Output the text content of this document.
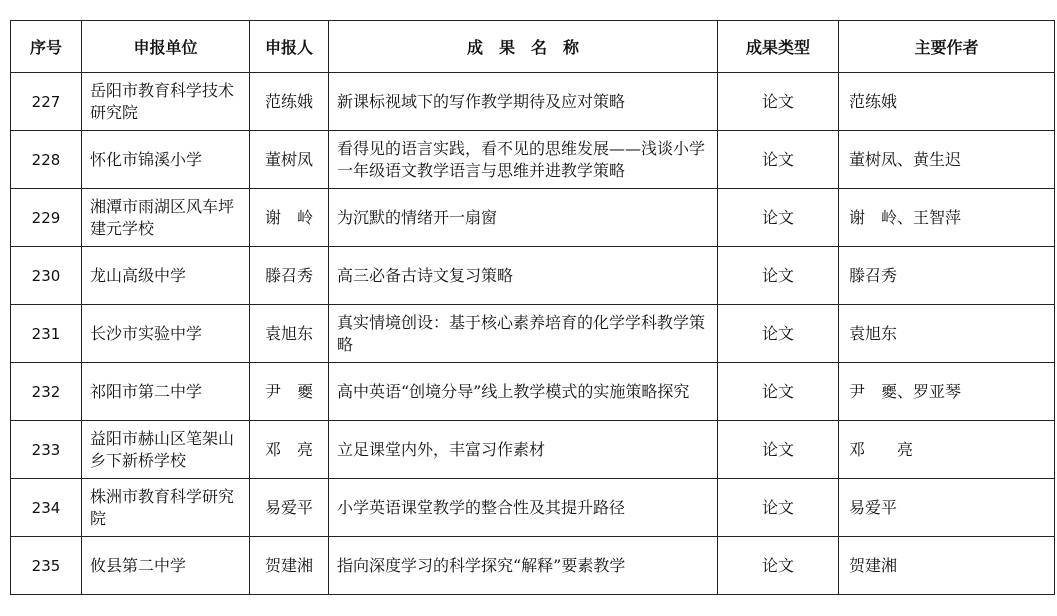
序号	申报单位	申报人	成　果　名　称	成果类型	主要作者
227	岳阳市教育科学技术研究院	范练娥	新课标视域下的写作教学期待及应对策略	论文	范练娥
228	怀化市锦溪小学	董树凤	看得见的语言实践，看不见的思维发展——浅谈小学一年级语文教学语言与思维并进教学策略	论文	董树凤、黄生迟
229	湘潭市雨湖区风车坪建元学校	谢　岭	为沉默的情绪开一扇窗	论文	谢　岭、王智萍
230	龙山高级中学	滕召秀	高三必备古诗文复习策略	论文	滕召秀
231	长沙市实验中学	袁旭东	真实情境创设：基于核心素养培育的化学学科教学策略	论文	袁旭东
232	祁阳市第二中学	尹　夒	高中英语“创境分导”线上教学模式的实施策略探究	论文	尹　夒、罗亚琴
233	益阳市赫山区笔架山乡下新桥学校	邓　亮	立足课堂内外，丰富习作素材	论文	邓　　亮
234	株洲市教育科学研究院	易爱平	小学英语课堂教学的整合性及其提升路径	论文	易爱平
235	攸县第二中学	贺建湘	指向深度学习的科学探究“解释”要素教学	论文	贺建湘
